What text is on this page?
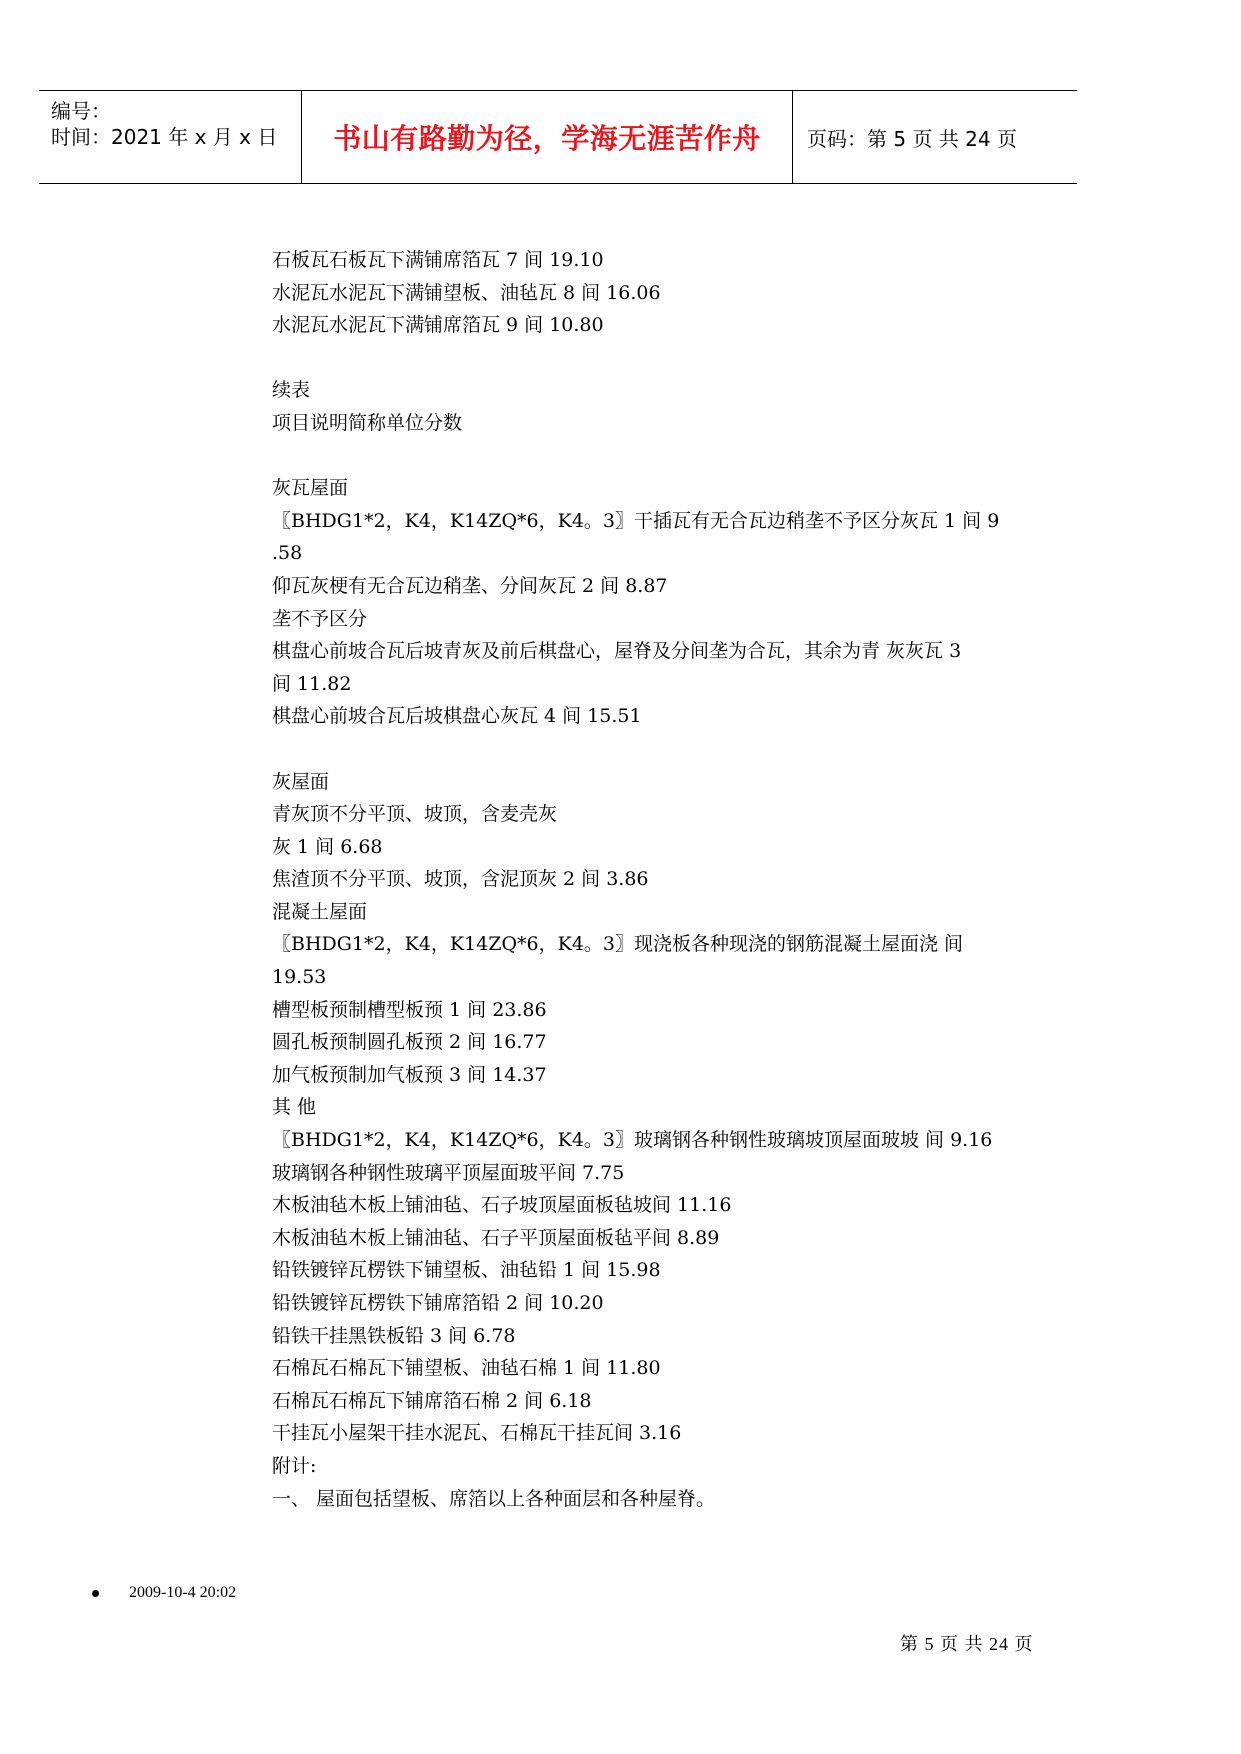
编号：
时间：2021 年 x 月 x 日 书山有路勤为径，学海无涯苦作舟	页码：第 5 页 共 24 页
石板瓦石板瓦下满铺席箔瓦 7 间 19.10
水泥瓦水泥瓦下满铺望板、油毡瓦 8 间 16.06
水泥瓦水泥瓦下满铺席箔瓦 9 间 10.80
续表
项目说明简称单位分数
灰瓦屋面
〖BHDG1*2，K4，K14ZQ*6，K4。3〗干插瓦有无合瓦边稍垄不予区分灰瓦 1 间 9
.58
仰瓦灰梗有无合瓦边稍垄、分间灰瓦 2 间 8.87
垄不予区分
棋盘心前坡合瓦后坡青灰及前后棋盘心，屋脊及分间垄为合瓦，其余为青 灰灰瓦 3
间 11.82
棋盘心前坡合瓦后坡棋盘心灰瓦 4 间 15.51
灰屋面
青灰顶不分平顶、坡顶，含麦壳灰
灰 1 间 6.68
焦渣顶不分平顶、坡顶，含泥顶灰 2 间 3.86
混凝土屋面
〖BHDG1*2，K4，K14ZQ*6，K4。3〗现浇板各种现浇的钢筋混凝土屋面浇 间
19.53
槽型板预制槽型板预 1 间 23.86
圆孔板预制圆孔板预 2 间 16.77
加气板预制加气板预 3 间 14.37
其 他
〖BHDG1*2，K4，K14ZQ*6，K4。3〗玻璃钢各种钢性玻璃坡顶屋面玻坡 间 9.16
玻璃钢各种钢性玻璃平顶屋面玻平间 7.75
木板油毡木板上铺油毡、石子坡顶屋面板毡坡间 11.16
木板油毡木板上铺油毡、石子平顶屋面板毡平间 8.89
铅铁镀锌瓦楞铁下铺望板、油毡铅 1 间 15.98
铅铁镀锌瓦楞铁下铺席箔铅 2 间 10.20
铅铁干挂黑铁板铅 3 间 6.78
石棉瓦石棉瓦下铺望板、油毡石棉 1 间 11.80
石棉瓦石棉瓦下铺席箔石棉 2 间 6.18
干挂瓦小屋架干挂水泥瓦、石棉瓦干挂瓦间 3.16
附计:
一、 屋面包括望板、席箔以上各种面层和各种屋脊。
2009-10-4 20:02
第 5 页 共 24 页
